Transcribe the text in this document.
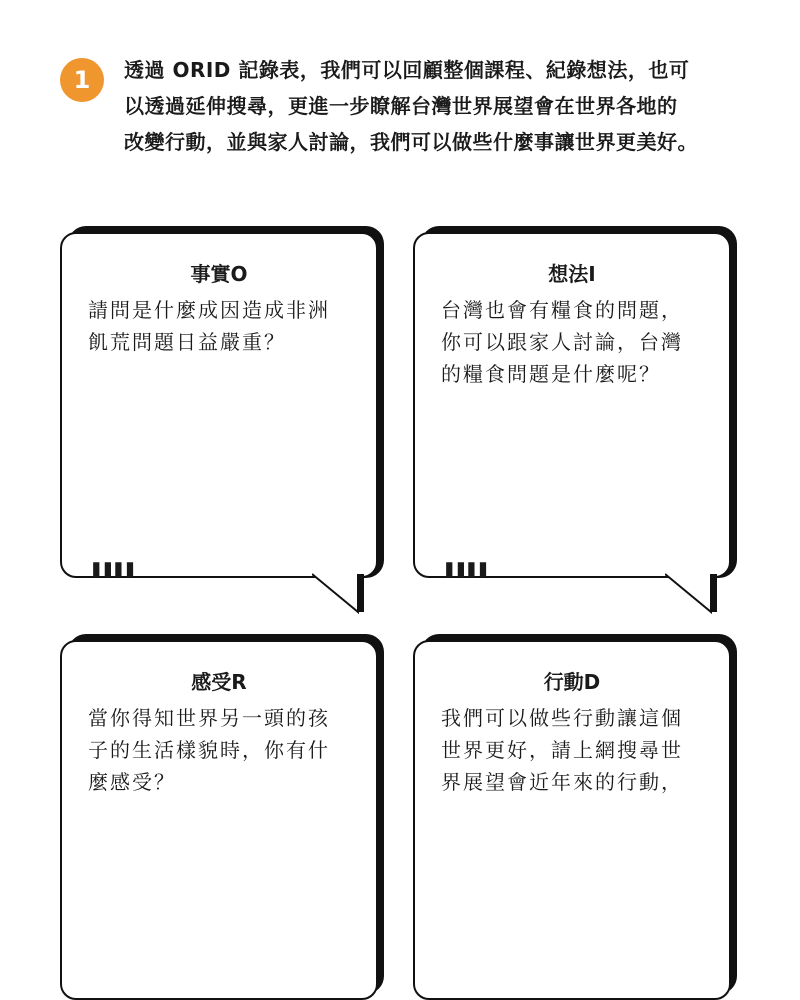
1	透過 ORID 記錄表，我們可以回顧整個課程、紀錄想法，也可
以透過延伸搜尋，更進一步瞭解台灣世界展望會在世界各地的
改變行動，並與家人討論，我們可以做些什麼事讓世界更美好。
事實O
請問是什麼成因造成非洲
飢荒問題日益嚴重？
""
想法I
台灣也會有糧食的問題，
你可以跟家人討論，台灣
的糧食問題是什麼呢？
""
感受R
當你得知世界另一頭的孩
子的生活樣貌時，你有什
麼感受？
行動D
我們可以做些行動讓這個
世界更好，請上網搜尋世
界展望會近年來的行動，
